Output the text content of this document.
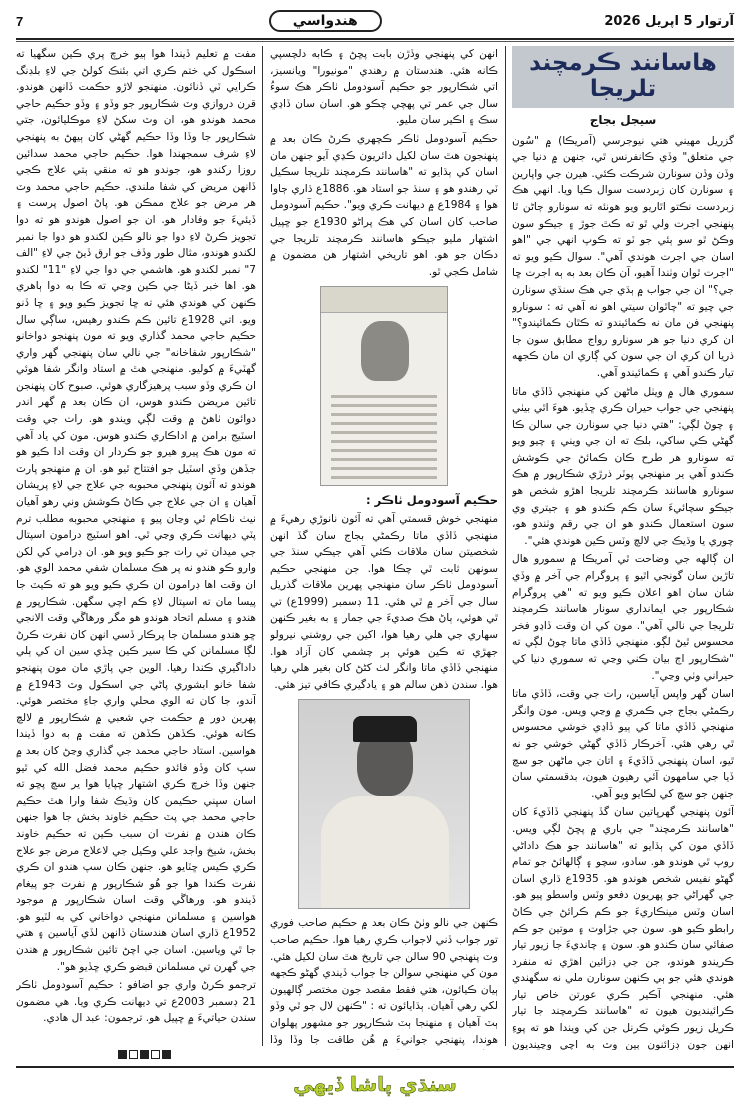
7	هندواسي	آرتوار 5 اپريل 2026
هاسانند ڪرمچند تلريجا
سيجل بجاج

گزريل مهيني هتي نيوجرسي (آمريڪا) ۾ "سُون جي متعلق" وڏي ڪانفرنس ٿي، جنهن ۾ دنيا جي وڏن وڏن سونارن شرڪت ڪئي. هيرن جي واپارين ۽ سونارن کان زبردست سوال ڪيا ويا. انهي هڪ زبردست نڪتو اٿاريو ويو هونئه ته سونارو ڄاڻن ٿا پنهنجي اجرت ولي ٿو ته ڪٿ جوڙ ۽ جيڪو سون وڪڻ ٿو سو ٻئي جو ٽو ته ڪوپ انهي جي "اهو اسان جي اجرت هوندي آهي". سوال ڪيو ويو ته "اجرت ٿوان وٺندا آهيو، آن ڪان بعد به ٻه اجرت ڇا جي؟" ان جي جواب ۾ ٻڌي جي هڪ سنڌي سونارن جي چيو ته "چاٿوان سيتي اهو نه آهي ته : سونارو پنهنجي فن مان نه ڪمائيندو ته ڪٿان ڪمائيندو؟" ان کري دنيا جو هر سونارو رواج مطابق سون جا ذريا ان کري ان جي سون کي ڳاري ان مان ڪجهه تيار ڪندو آهي ۽ ڪمائيندو آهي.

سموري هال ۾ ويٺل ماڻهن کي منهنجي ڏاڏي ماتا پنهنجي جي جواب حيران ڪري ڇڏيو. هوءَ اٿي بيٺي ۽ چوڻ لڳي: "هتي دنيا جي سونارن جي سالن ڪا گهڻي ڪي ساکي، بلڪ ته ان جي ويني ۽ چيو ويو ته سونارو هر طرح ڪان ڪمائڻ جي ڪوشش ڪندو آهي ير منهنجي پوٽر ذرڙي شڪارپور ۾ هڪ سونارو هاسانند ڪرمچند تلريجا اهڙو شخص هو جيڪو سچائيءَ سان ڪم ڪندو هو ۽ جيتري وي سون استعمال ڪندو هو ان جي رقم وٺندو هو، چوري يا وڌيڪ جي لالچ وٽس ڪين هوندي هئي".

ان ڳالهه جي وضاحت ٿي آمريڪا ۾ سمورو هال تاڙين سان گونجي اٿيو ۽ پروگرام جي آخر ۾ وڏي شان سان اهو اعلان ڪيو ويو ته "هي پروگرام شڪارپور جي ايمانداري سونار هاسانند ڪرمچند تلريجا جي نالي آهي". مون کي ان وقت ڏاڍو فخر محسوس ٿيڻ لڳو. منهنجي ڏاڏي ماتا چوڻ لڳي ته "شڪارپور اڄ بيان ڪني وڃي ته سموري دنيا کي حيراني وٺي وڃي".

اسان گهر واپس آياسين، رات جي وقت، ڏاڏي ماتا رڪمڻي بجاج جي ڪمري ۾ وڃي ويس. مون وانگر منهنجي ڏاڏي ماتا کي ٻيو ڏاڍي خوشي محسوس ٿي رهي هئي. آخرڪار ڏاڏي گهڻي خوشي جو نه ٿيو، اسان پنهنجي ڏاڏيءَ ۽ اتان جي ماڻهن جو سچ ڏيا جي سامهون آئي رهيون هيون، بدقسمتي سان جنهن جو سچ کي لڪايو ويو آهي.

آئون پنهنجي گهرڀاتين سان گڏ پنهنجي ڏاڏيءَ کان "هاسانند ڪرمچند" جي باري ۾ پڇڻ لڳي ويس. ڏاڏي مون کي ٻڌايو ته "هاسانند جو هڪ داداڻي روپ ٿي هوندو هو. سادو، سچو ۽ ڳالهائڻ جو تمام گهڻو نفيس شخص هوندو هو. 1935ع ڌاري اسان جي گهراڻي جو پهريون دفعو وٽس واسطو پيو هو. اسان وٽس مينڪاريءَ جو ڪم ڪرائڻ جي ڪاڻ رابطو ڪيو هو. سون جي جڙاوت ۽ موتين جو ڪم صفائي سان ڪندو هو. سون ۽ چانديءَ جا زيور تيار ڪريندو هوندو، جن جي ڊزائين اهڙي ته منفرد هوندي هئي جو ٻي ڪنهن سونارن ملي نه سگهندي هئي. منهنجي آڪير ڪري عورتن خاص تيار ڪرائينديون هيون ته "هاسانند ڪرمچند جا تيار ڪريل زيور ڪوئي ڪرنل جن کي ويندا هو ته پوءِ انهن جون ڊزائنون ٻين وٽ به اچي وڃينديون

انهن کي پنهنجي وڏڙن بابت پڇڻ ۽ ڪابه دلچسپي ڪانه هئي. هندستان ۾ رهندي "مونيورا" ويانسيز، اتي شڪارپور جو حڪيم آسودومل ٺاڪر هڪ سوءُ سال جي عمر تي پهچي چڪو هو. اسان سان ڏاڍي سڪ ۽ اڪير سان مليو.

حڪيم آسودومل ٺاڪر ڪچهري ڪرڻ ڪان بعد ۾ پنهنجون هٿ سان لکيل دائريون ڪڍي آيو جنهن مان اسان کي ٻڌايو ته "هاسانند ڪرمچند تلريجا سڪيل ٽي رهندو هو ۽ سنڌ جو استاد هو. 1886ع ڌاري ڄاوا هوا ۽ 1984ع ۾ ديهانت ڪري ويو". حڪيم آسودومل صاحب کان اسان کي هڪ پراڻو 1930ع جو ڇپيل اشتهار مليو جيڪو هاسانند ڪرمچند تلريجا جي دڪان جو هو. اهو تاريخي اشتهار هن مضمون ۾ شامل ڪجي ٿو.

حڪيم آسودومل ٺاڪر :

منهنجي خوش قسمتي آهي ته آئون نانوڙي رهيءَ ۾ منهنجي ڏاڏي ماتا رڪمڻي بجاج سان گڏ انهن شخصيتن سان ملاقات ڪئي آهي جيڪي سنڌ جي سونهن ثابت ٿي چڪا هوا. جن منهنجي حڪيم آسودومل ٺاڪر سان منهنجي پهرين ملاقات گذريل سال جي آخر ۾ ٿي هئي. 11 ڊسمبر (1999ع) تي ٿي هوئي، ٻاڻ هڪ صديءَ جي جمار ۽ به بغير ڪنهن سهاري جي هلي رهيا هوا، اکين جي روشني نيرولو جهڙي ته ڪين هوئي ٻر چشمي کان آزاد هوا. منهنجي ڏاڏي ماتا وانگر لٺ کڻڻ کان بغير هلي رهيا هوا. سندن ذهن سالم هو ۽ يادگيري ڪافي تيز هئي.

ڪنهن جي نالو وٺڻ ڪان بعد ۾ حڪيم صاحب فوري تور جواب ڏني لاجواب ڪري رهيا هوا. حڪيم صاحب وٽ پنهنجي 90 سالن جي تاريخ هٿ سان لکيل هئي. مون کي منهنجي سوالن جا جواب ڏيندي گهڻو ڪجهه ٻيان ڪيائون، هتي فقط مقصد جون مختصر ڳالهيون لکي رهي آهيان. ٻڌايائون ته : "ڪنهن لال جو ٿي وڏو ٻٽ آهيان ۽ منهنجا ٻٽ شڪارپور جو مشهور پهلوان هوندا، پنهنجي جوانيءَ ۾ هُن طاقت جا وڏا وڏا

مفت ۾ تعليم ڏيندا هوا ٻيو خرچ پري ڪين سگهيا ته اسڪول کي ختم ڪري اتي بئنڪ کولڻ جي لاءِ بلڊنگ ڪرايي ٽي ڏنائون. منهنجو لاڙو حڪمت ڏانهن هوندو. قرن دروازي وٽ شڪارپور جو وڏو ۽ وڏو حڪيم حاجي محمد هوندو هو، ان وٽ سکڻ لاءِ موڪليائون، جتي شڪارپور جا وڏا وڏا حڪيم گهڻي کان ٻيهڻ به پنهنجي لاءِ شرف سمجهندا هوا. حڪيم حاجي محمد سدائين روزا رکندو هو، جوندو هو ته منقي ٻتي علاج ڪجي ڏانهن مريض کي شفا ملندي. حڪيم حاجي محمد وٽ هر مرض جو علاج ممڪن هو. پاڻ اصول پرست ۽ ڏيئيءَ جو وفادار هو. ان جو اصول هوندو هو ته دوا تجويز ڪرڻ لاءِ دوا جو نالو ڪين لکندو هو دوا جا نمبر لکندو هوندو، مثال طور وڏف جو ارق ڏيڻ جي لاءِ "الف 7" نمبر لکندو هو. هاشمي جي دوا جي لاءِ "11" لکندو هو. اها خبر ڏيڻا جي ڪين وڃي ته ڪا به دوا ٻاهري ڪنهن کي هوندي هئي ته ڇا تجويز ڪيو ويو ۽ ڇا ڏنو ويو. اتي 1928ع تائين ڪم ڪندو رهيس، ساڳي سال حڪيم حاجي محمد گذاري ويو ته مون پنهنجو دواخانو "شڪارپور شفاخانه" جي نالي سان پنهنجي گهر واري گهٽيءَ ۾ کوليو. منهنجي هٿ ۾ استاد وانگر شفا هوئي ان ڪري وڏو سبب پرهيزگاري هوئي. صبوح کان پنهنجن تائين مريضن ڪندو هوس، ان ڪان بعد ۾ گهر اندر دوائون ٺاهڻ ۾ وقت لڳي ويندو هو. رات جي وقت اسٽيج برامن ۾ اداڪاري ڪندو هوس. مون کي ياد آهي ته مون هڪ پيرو هيرو جو ڪردار ان وقت ادا ڪيو هو جڏهن وڏي اسٽيل جو افتتاح ٿيو هو. ان ۾ منهنجو پارٽ هوندو ته آئون پنهنجي محبوبه جي علاج جي لاءِ پريشان آهيان ۽ ان جي علاج جي ڪاڻ ڪوشش وني رهو آهيان نيٺ ناڪام ٿي وڃان پيو ۽ منهنجي محبوبه مطلب ترم پٽي ديهانت ڪري وڃي ٿي. اهو اسٽيج درامون اسپتال جي ميدان تي رات جو ڪيو ويو هو. ان ڊرامي کي لکن وارو ڪو هندو نه پر هڪ مسلمان شفي محمد الوي هو. ان وقت اها ڊرامون ان ڪري ڪيو ويو هو ته ڪيٽ جا پيسا مان ته اسپتال لاءِ ڪم اچي سگهن. شڪارپور ۾ هندو ۽ مسلم اتحاد هوندو هو مگر ورهاڱي وقت الانجي ڇو هندو مسلمان جا پرڪار ڏسي انهن کان نفرت ڪرڻ لڳا مسلمانن کي ڪا سير ڪين ڇڏي سين ان کي ٻلي داداگيري ڪندا رهيا. الوين جي پاڙي مان مون پنهنجو شفا خانو ابشوري پاڻي جي اسڪول وٽ 1943ع ۾ آندو، جا کان ته الوي محلي واري جاءِ مختصر هوئي. پهرين دور ۾ حڪمت جي شعبي ۾ شڪارپور ۾ لالچ ڪانه هوئي. ڪڏهن ڪڏهن ته مفت ۾ به دوا ڏيندا هواسين. استاد حاجي محمد جي گذاري وڃڻ کان بعد ۾ سپ کان وڏو فائدو حڪيم محمد فضل الله کي ٿيو جنهن وڏا خرچ ڪري اشتهار ڇپايا هوا ير سچ پڇو ته اسان سڀني حڪيمن کان وڌيڪ شفا وارا هٿ حڪيم حاجي محمد جي پٽ حڪيم خاوند بخش جا هوا جنهن ڪان هندن ۾ نفرت ان سبب ڪين ته حڪيم خاوند بخش، شيخ واجد علي وڪيل جي لاعلاج مرض جو علاج ڪري ڪيس ڇٽايو هو. جنهن ڪان سپ هندو ان ڪري نفرت ڪندا هوا جو هُو شڪارپور ۾ نفرت جو پيغام ڏيندو هو. ورهاڱي وقت اسان شڪارپور ۾ موجود هواسين ۽ مسلمانن منهنجي دواخاني کي به لٽيو هو. 1952ع ڌاري اسان هندستان ڏانهن لڏي آياسين ۽ هتي جا ٿي وياسين. اسان جي اچڻ تائين شڪارپور ۾ هندن جي گهرن تي مسلمانن قبضو ڪري ڇڏيو هو".

ترجمو ڪرڻ واري جو اضافو : حڪيم آسودومل ٺاڪر 21 ڊسمبر 2003ع تي ديهانت ڪري ويا. هي مضمون سندن حياتيءَ ۾ ڇپيل هو. ترجمون: عبد ال هادي.

سنڌي پاشا ڏيهي
